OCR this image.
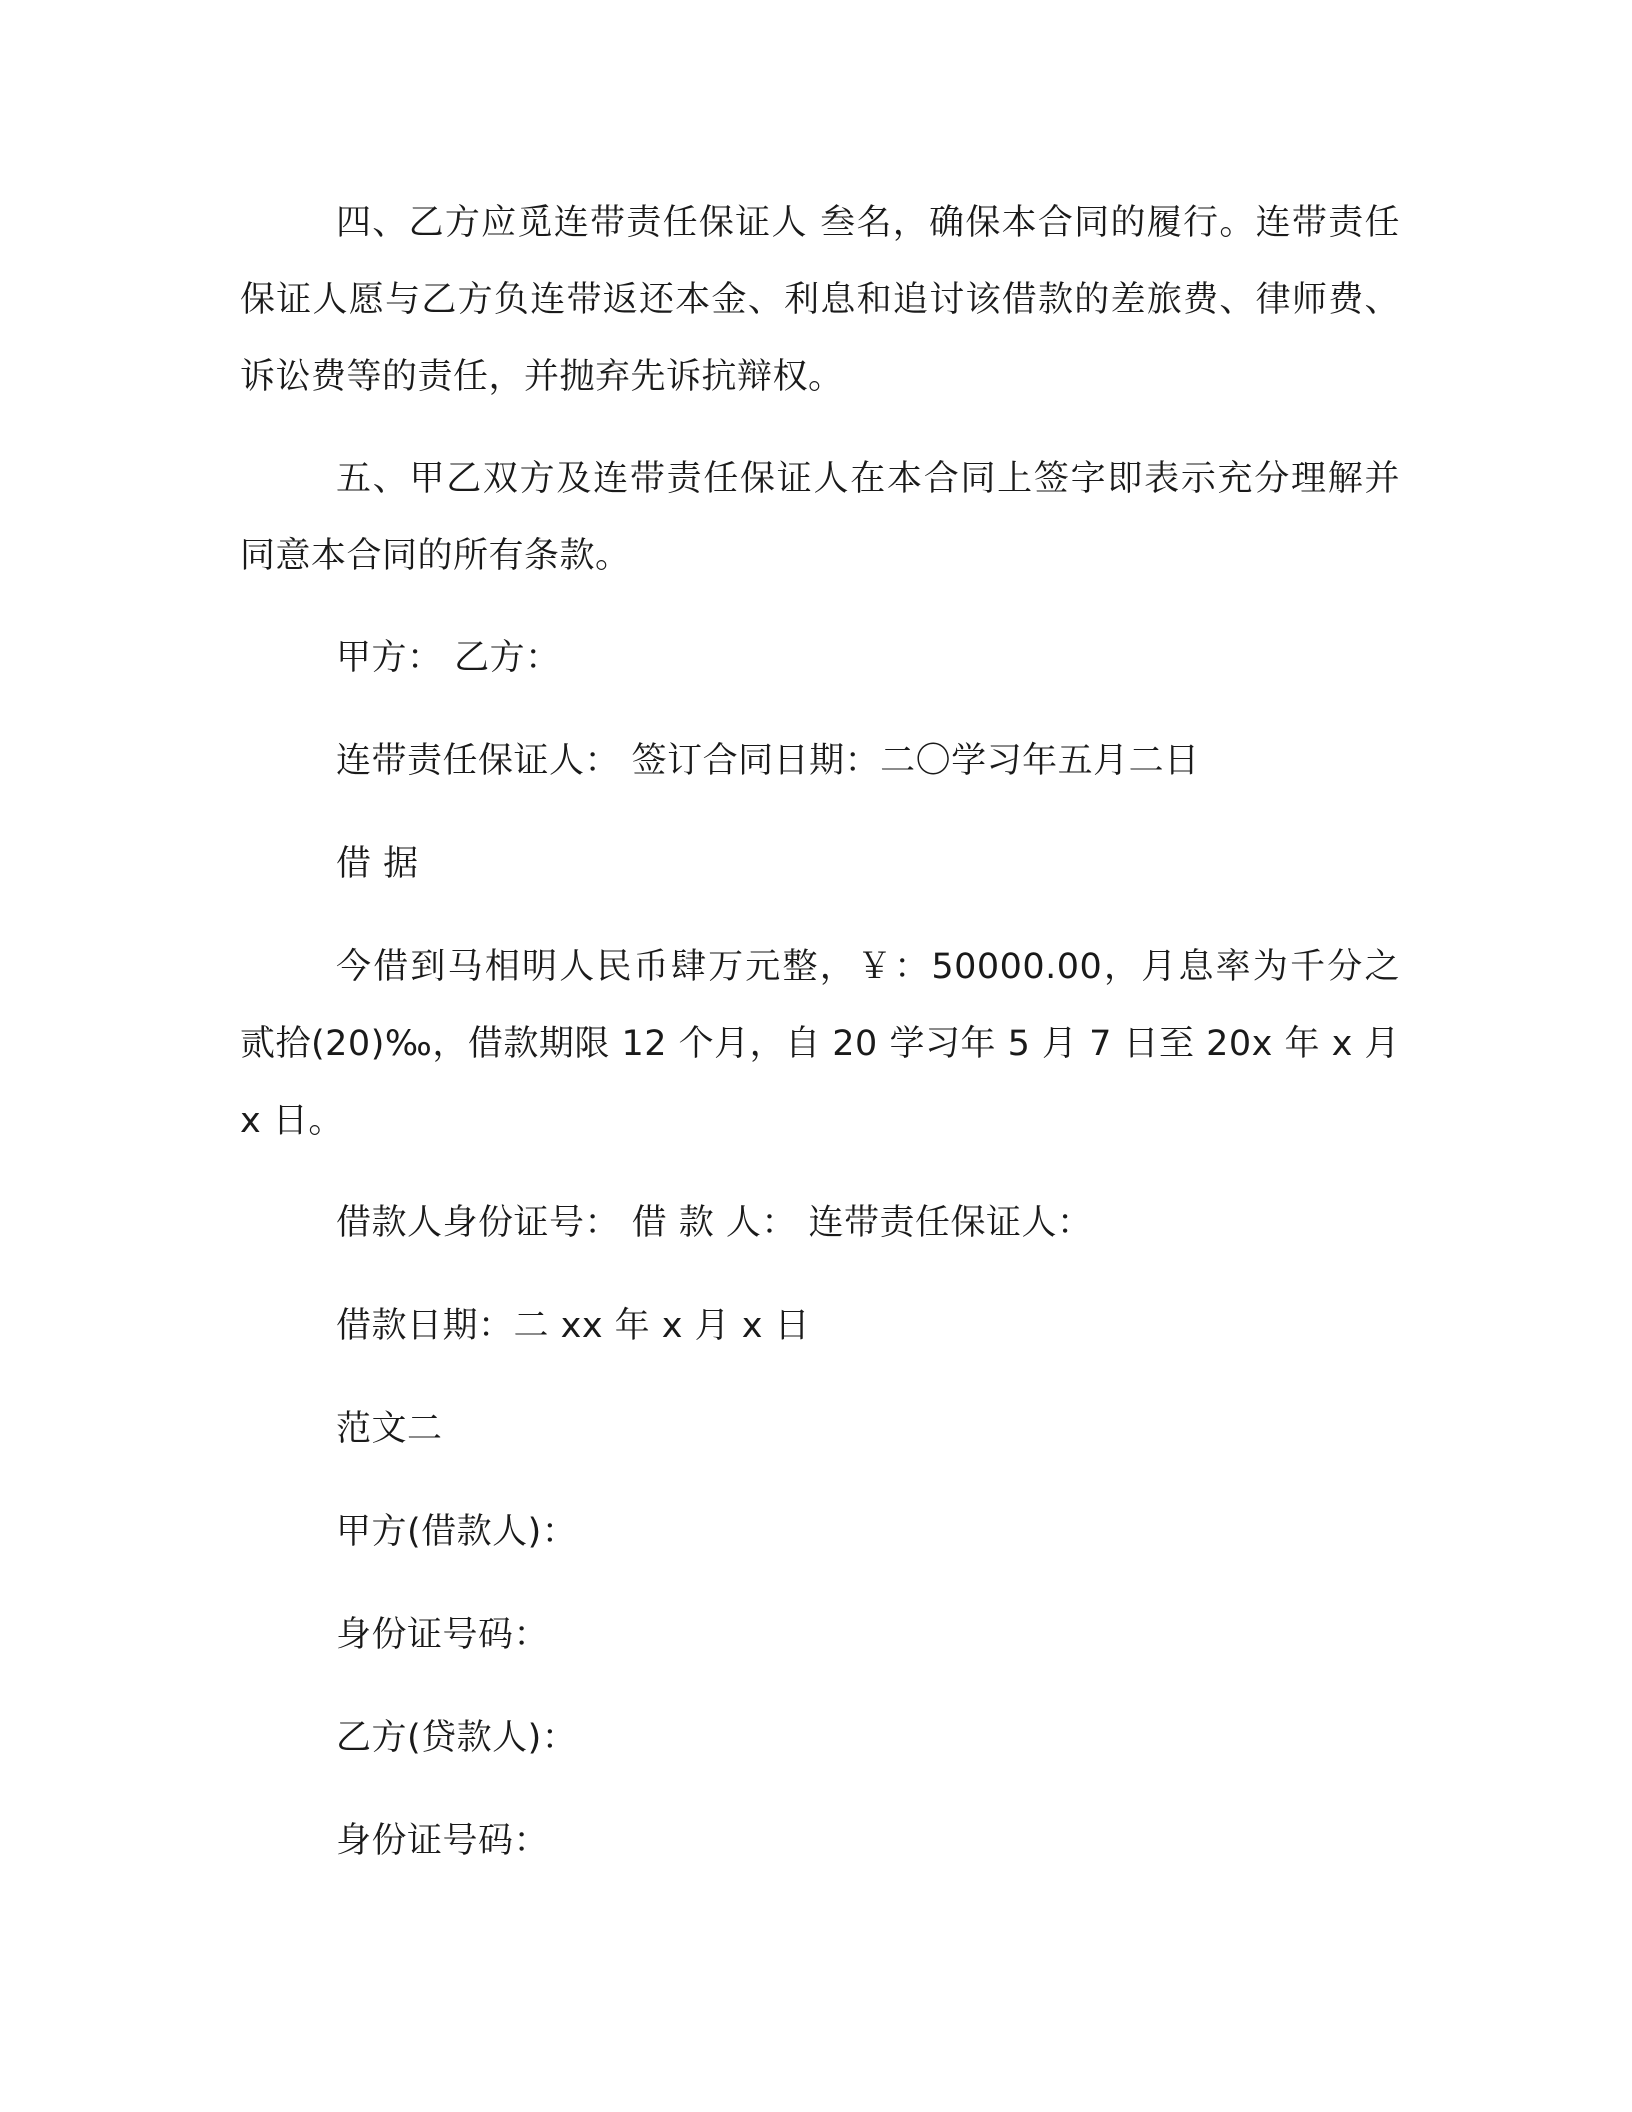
四、乙方应觅连带责任保证人 叁名，确保本合同的履行。连带责任保证人愿与乙方负连带返还本金、利息和追讨该借款的差旅费、律师费、诉讼费等的责任，并抛弃先诉抗辩权。

五、甲乙双方及连带责任保证人在本合同上签字即表示充分理解并同意本合同的所有条款。

甲方： 乙方：

连带责任保证人： 签订合同日期：二〇学习年五月二日

借 据

今借到马相明人民币肆万元整，￥：50000.00，月息率为千分之 贰拾(20)‰，借款期限 12 个月，自 20 学习年 5 月 7 日至 20x 年 x 月 x 日。

借款人身份证号： 借 款 人： 连带责任保证人：

借款日期：二 xx 年 x 月 x 日

范文二

甲方(借款人)：

身份证号码：

乙方(贷款人)：

身份证号码：
